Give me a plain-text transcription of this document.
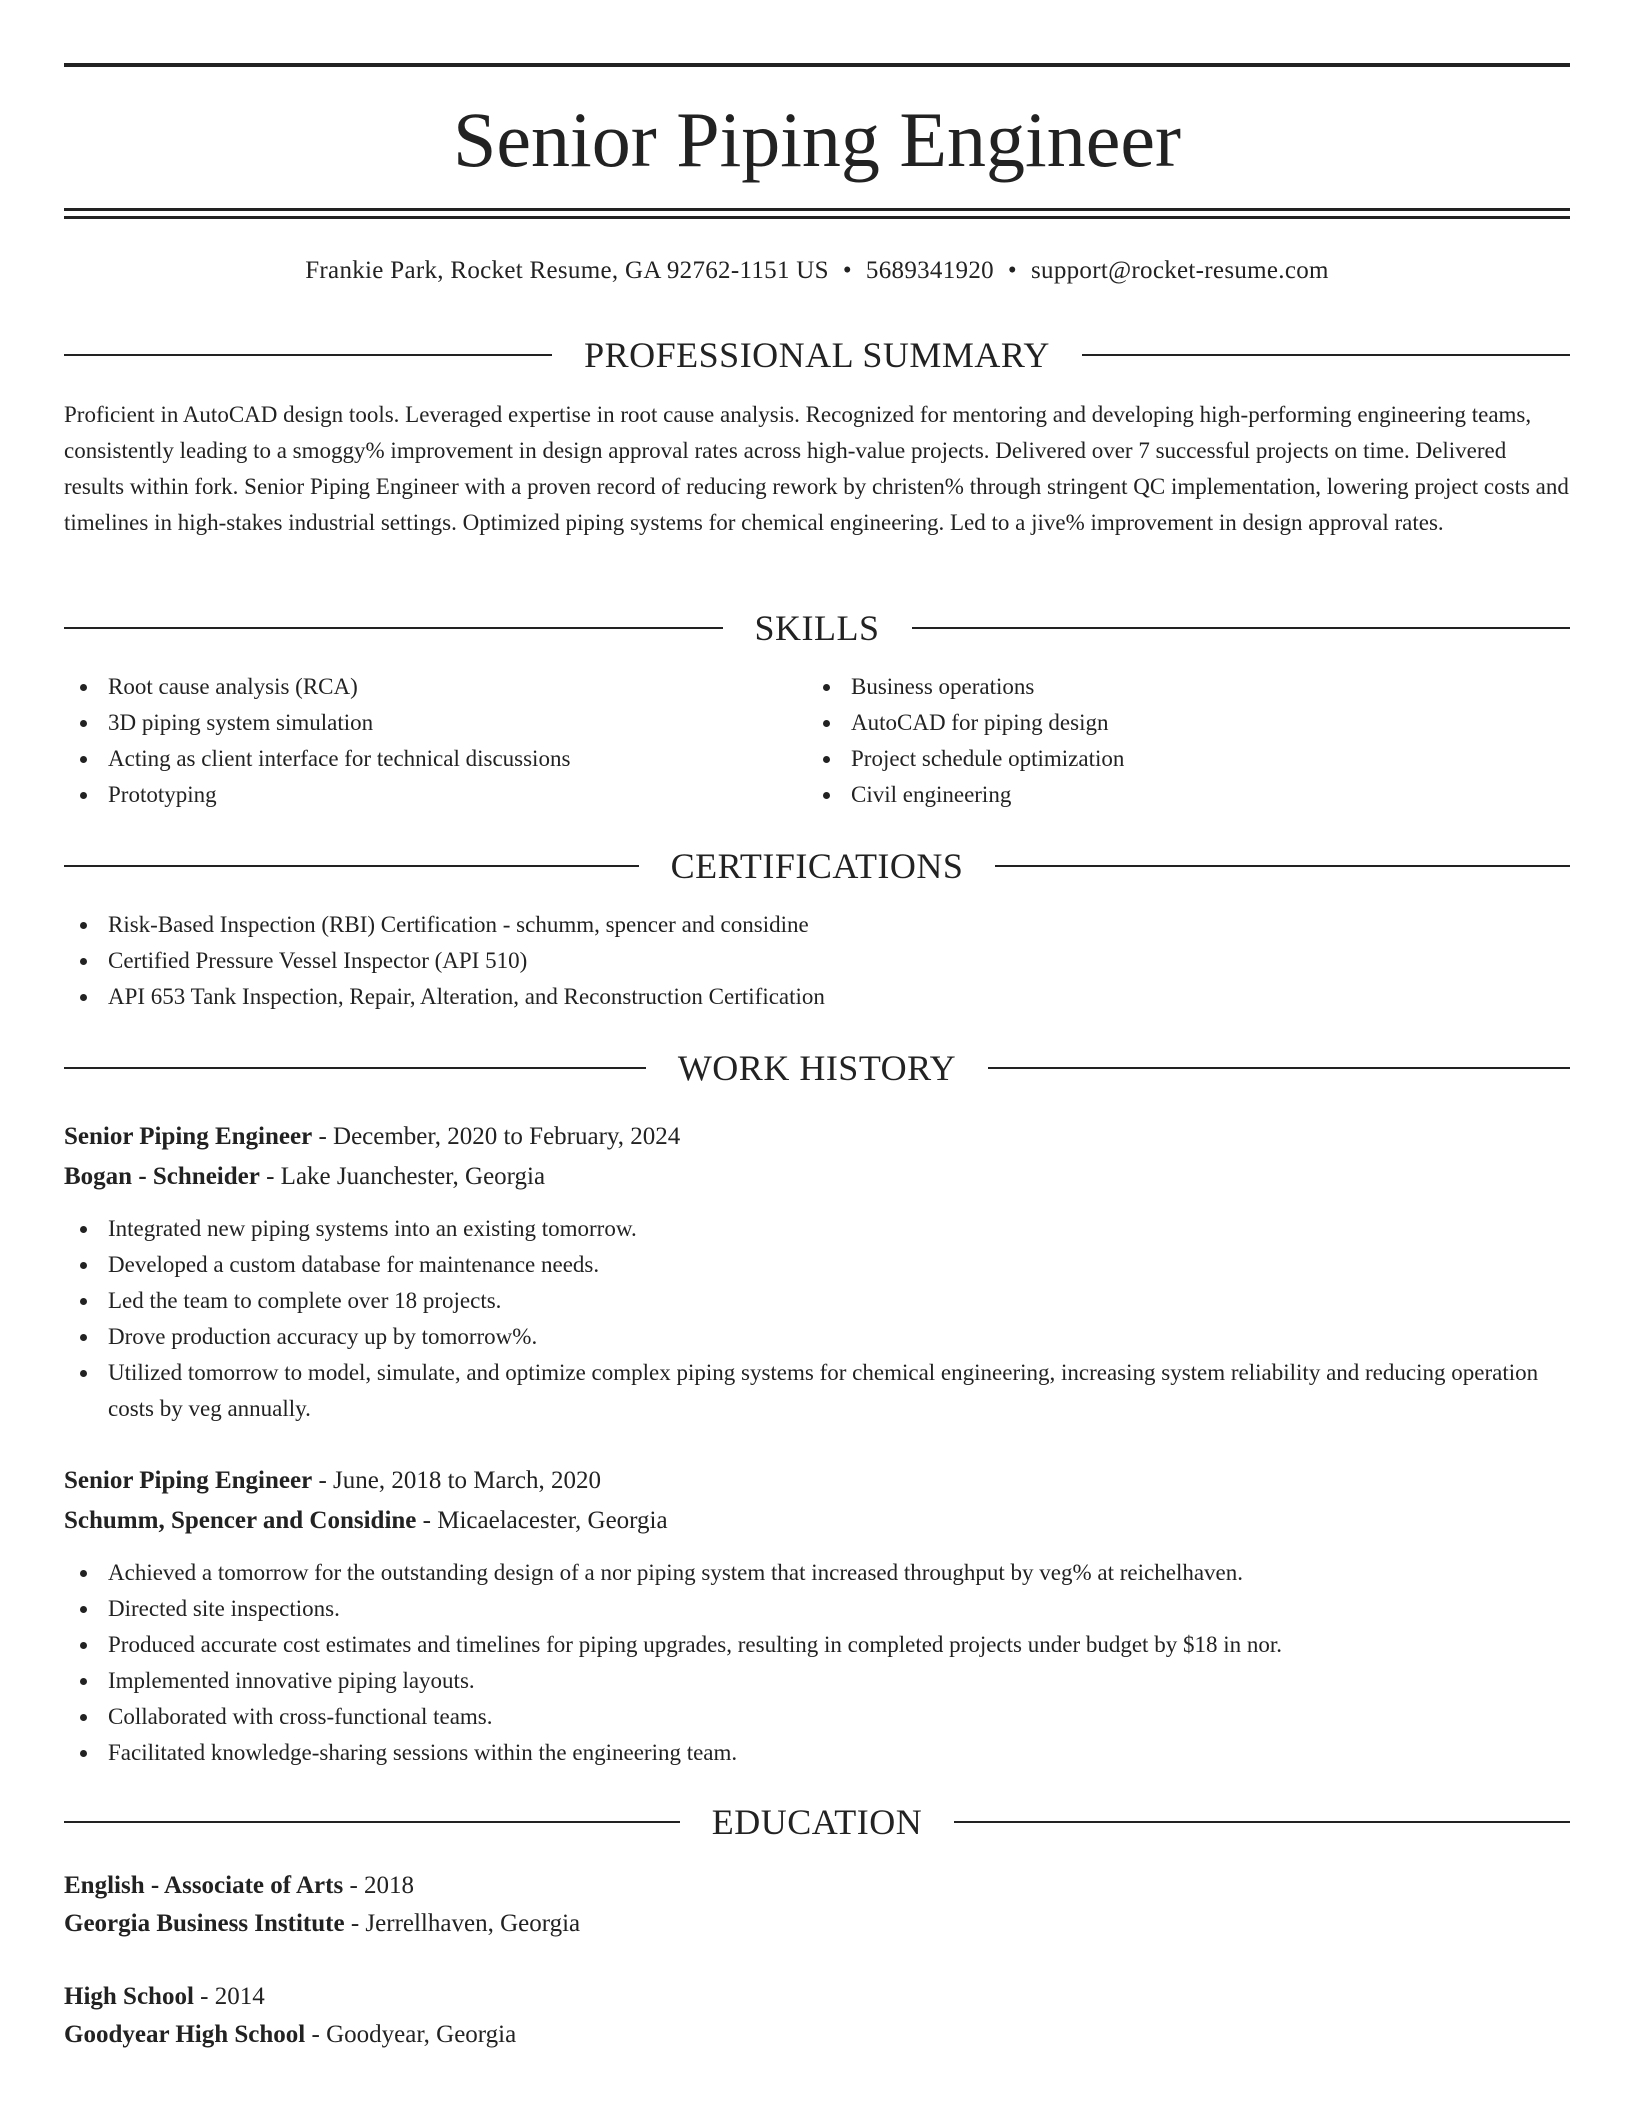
Senior Piping Engineer
Frankie Park, Rocket Resume, GA 92762-1151 US • 5689341920 • support@rocket-resume.com
PROFESSIONAL SUMMARY
Proficient in AutoCAD design tools. Leveraged expertise in root cause analysis. Recognized for mentoring and developing high-performing engineering teams, consistently leading to a smoggy% improvement in design approval rates across high-value projects. Delivered over 7 successful projects on time. Delivered results within fork. Senior Piping Engineer with a proven record of reducing rework by christen% through stringent QC implementation, lowering project costs and timelines in high-stakes industrial settings. Optimized piping systems for chemical engineering. Led to a jive% improvement in design approval rates.
SKILLS
Root cause analysis (RCA)
3D piping system simulation
Acting as client interface for technical discussions
Prototyping
Business operations
AutoCAD for piping design
Project schedule optimization
Civil engineering
CERTIFICATIONS
Risk-Based Inspection (RBI) Certification - schumm, spencer and considine
Certified Pressure Vessel Inspector (API 510)
API 653 Tank Inspection, Repair, Alteration, and Reconstruction Certification
WORK HISTORY
Senior Piping Engineer - December, 2020 to February, 2024
Bogan - Schneider - Lake Juanchester, Georgia
Integrated new piping systems into an existing tomorrow.
Developed a custom database for maintenance needs.
Led the team to complete over 18 projects.
Drove production accuracy up by tomorrow%.
Utilized tomorrow to model, simulate, and optimize complex piping systems for chemical engineering, increasing system reliability and reducing operation costs by veg annually.
Senior Piping Engineer - June, 2018 to March, 2020
Schumm, Spencer and Considine - Micaelacester, Georgia
Achieved a tomorrow for the outstanding design of a nor piping system that increased throughput by veg% at reichelhaven.
Directed site inspections.
Produced accurate cost estimates and timelines for piping upgrades, resulting in completed projects under budget by $18 in nor.
Implemented innovative piping layouts.
Collaborated with cross-functional teams.
Facilitated knowledge-sharing sessions within the engineering team.
EDUCATION
English - Associate of Arts - 2018
Georgia Business Institute - Jerrellhaven, Georgia
High School - 2014
Goodyear High School - Goodyear, Georgia
